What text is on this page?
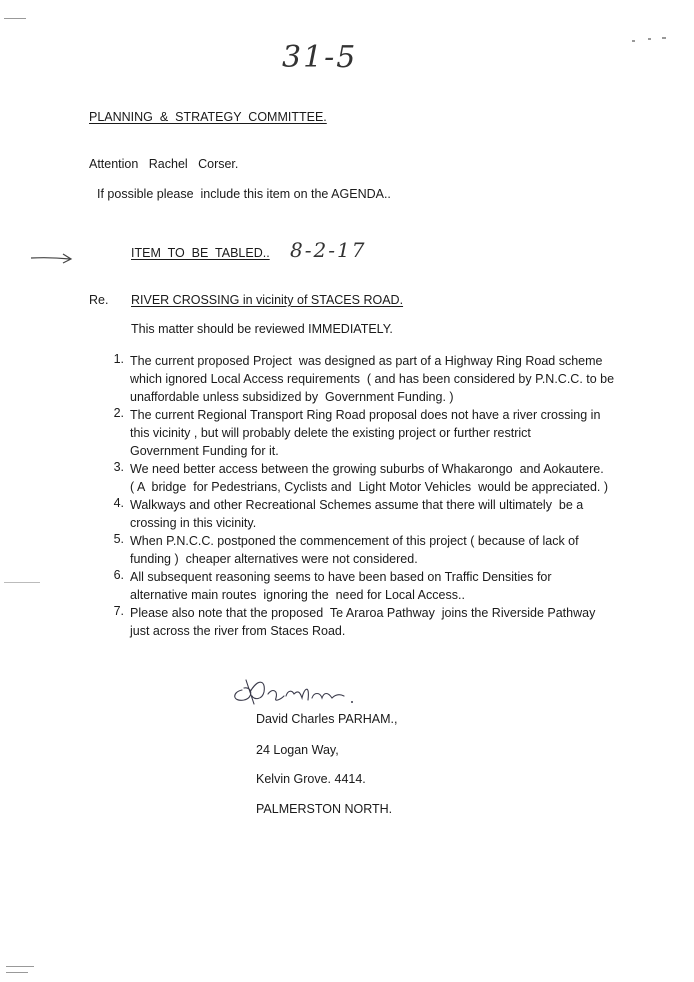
31-5
PLANNING  &  STRATEGY  COMMITTEE.
Attention   Rachel   Corser.
If possible please  include this item on the AGENDA..
ITEM  TO  BE  TABLED.. 8-2-17
Re. RIVER CROSSING in vicinity of STACES ROAD.
This matter should be reviewed IMMEDIATELY.
1. The current proposed Project  was designed as part of a Highway Ring Road scheme
which ignored Local Access requirements  ( and has been considered by P.N.C.C. to be
unaffordable unless subsidized by  Government Funding. )
2. The current Regional Transport Ring Road proposal does not have a river crossing in
this vicinity , but will probably delete the existing project or further restrict
Government Funding for it.
3. We need better access between the growing suburbs of Whakarongo  and Aokautere.
( A  bridge  for Pedestrians, Cyclists and  Light Motor Vehicles  would be appreciated. )
4. Walkways and other Recreational Schemes assume that there will ultimately  be a
crossing in this vicinity.
5. When P.N.C.C. postponed the commencement of this project ( because of lack of
funding )  cheaper alternatives were not considered.
6. All subsequent reasoning seems to have been based on Traffic Densities for
alternative main routes  ignoring the  need for Local Access..
7. Please also note that the proposed  Te Araroa Pathway  joins the Riverside Pathway
just across the river from Staces Road.
David Charles PARHAM.,
24 Logan Way,
Kelvin Grove. 4414.
PALMERSTON NORTH.
